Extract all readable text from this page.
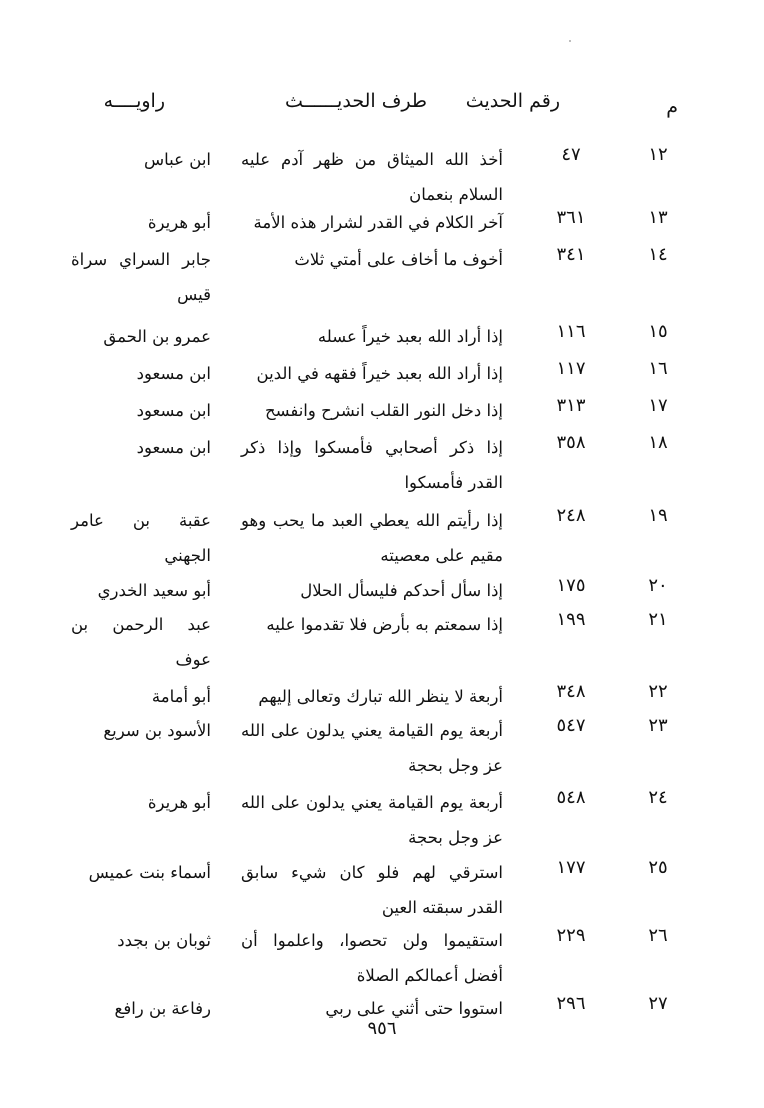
م
رقم الحديث
طرف الحديــــــث
راويــــه
١٢
٤٧
أخذ الله الميثاق من ظهر آدم عليه السلام بنعمان
ابن عباس
١٣
٣٦١
آخر الكلام في القدر لشرار هذه الأمة
أبو هريرة
١٤
٣٤١
أخوف ما أخاف على أمتي ثلاث
جابر السراي سراة قيس
١٥
١١٦
إذا أراد الله بعبد خيراً عسله
عمرو بن الحمق
١٦
١١٧
إذا أراد الله بعبد خيراً فقهه في الدين
ابن مسعود
١٧
٣١٣
إذا دخل النور القلب انشرح وانفسح
ابن مسعود
١٨
٣٥٨
إذا ذكر أصحابي فأمسكوا وإذا ذكر القدر فأمسكوا
ابن مسعود
١٩
٢٤٨
إذا رأيتم الله يعطي العبد ما يحب وهو مقيم على معصيته
عقبة بن عامر الجهني
٢٠
١٧٥
إذا سأل أحدكم فليسأل الحلال
أبو سعيد الخدري
٢١
١٩٩
إذا سمعتم به بأرض فلا تقدموا عليه
عبد الرحمن بن عوف
٢٢
٣٤٨
أربعة لا ينظر الله تبارك وتعالى إليهم
أبو أمامة
٢٣
٥٤٧
أربعة يوم القيامة يعني يدلون على الله عز وجل بحجة
الأسود بن سريع
٢٤
٥٤٨
أربعة يوم القيامة يعني يدلون على الله عز وجل بحجة
أبو هريرة
٢٥
١٧٧
استرقي لهم فلو كان شيء سابق القدر سبقته العين
أسماء بنت عميس
٢٦
٢٢٩
استقيموا ولن تحصوا، واعلموا أن أفضل أعمالكم الصلاة
ثوبان بن بجدد
٢٧
٢٩٦
استووا حتى أثني على ربي
رفاعة بن رافع
٩٥٦
